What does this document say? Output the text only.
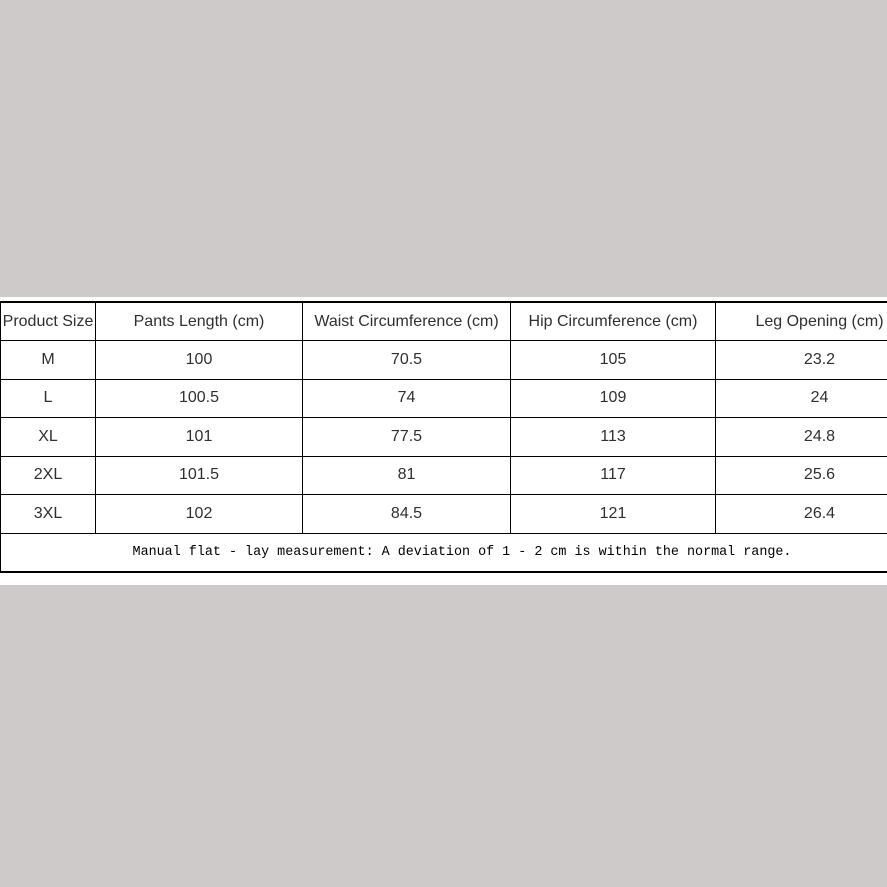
Product Size	Pants Length (cm)	Waist Circumference (cm)	Hip Circumference (cm)	Leg Opening (cm)
M	100	70.5	105	23.2
L	100.5	74	109	24
XL	101	77.5	113	24.8
2XL	101.5	81	117	25.6
3XL	102	84.5	121	26.4
Manual flat - lay measurement: A deviation of 1 - 2 cm is within the normal range.				
